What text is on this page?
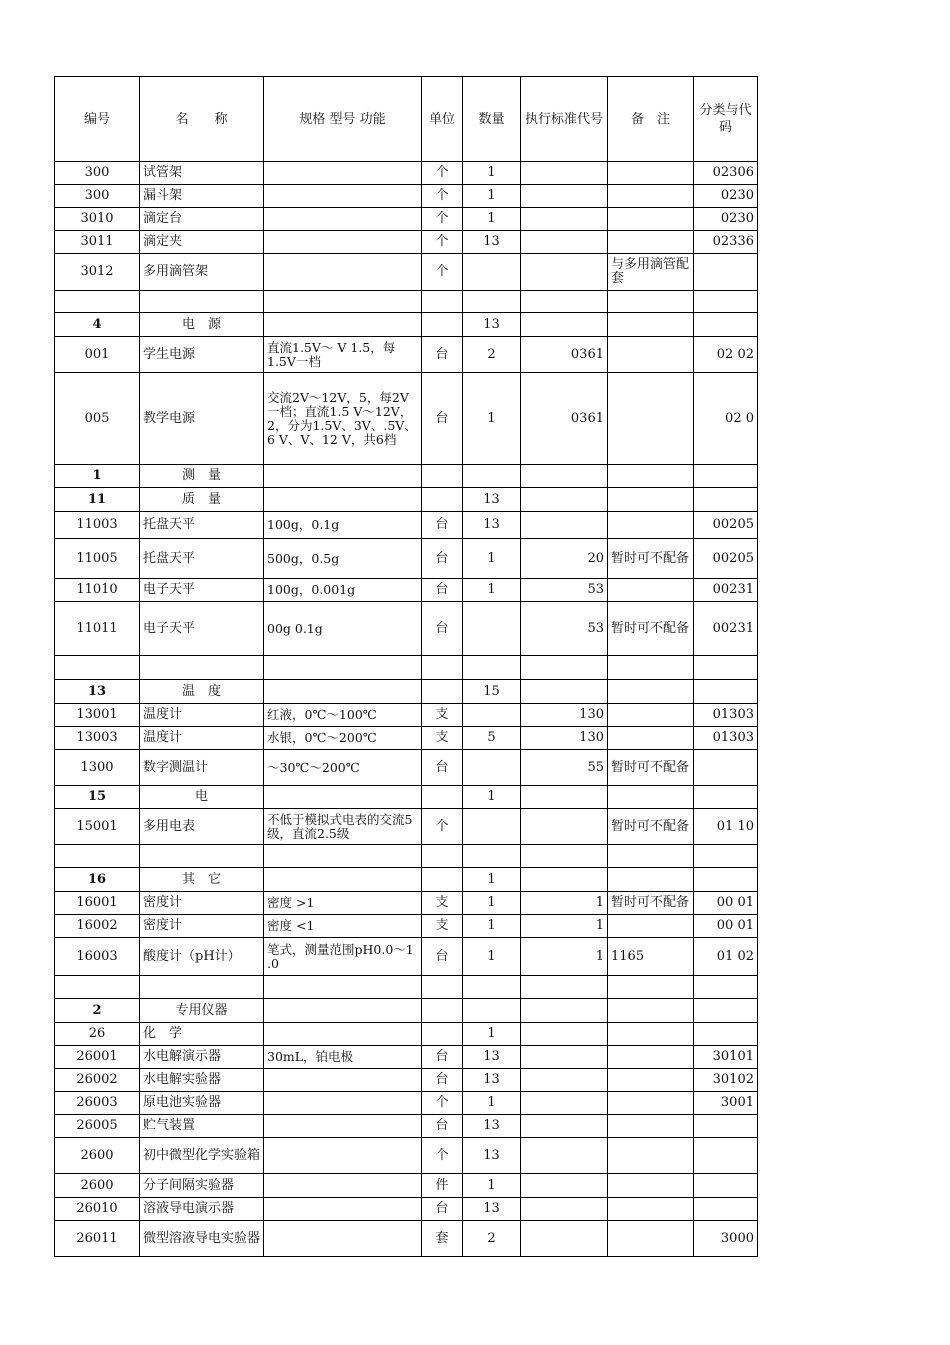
编号	名　　称	规格 型号 功能	单位	数量	执行标准代号	备　注	分类与代 码
300	试管架		个	1			02306
300	漏斗架		个	1			0230
3010	滴定台		个	1			0230
3011	滴定夹		个	13			02336
3012	多用滴管架		个			与多用滴管配套	

4	电　源			13			
001	学生电源	直流1.5V～ V 1.5，每1.5V一档	台	2	0361		02 02
005	教学电源	交流2V～12V，5，每2V一档；直流1.5 V～12V，2，分为1.5V、3V、.5V、6 V、V、12 V，共6档	台	1	0361		02 0
1	测　量						
11	质　量			13			
11003	托盘天平	100g，0.1g	台	13			00205
11005	托盘天平	500g，0.5g	台	1	20	暂时可不配备	00205
11010	电子天平	100g，0.001g	台	1	53		00231
11011	电子天平	00g 0.1g	台		53	暂时可不配备	00231

13	温　度			15			
13001	温度计	红液，0℃～100℃	支		130		01303
13003	温度计	水银，0℃～200℃	支	5	130		01303
1300	数字测温计	～30℃～200℃	台		55	暂时可不配备	
15	电			1			
15001	多用电表	不低于模拟式电表的交流5级，直流2.5级	个			暂时可不配备	01 10

16	其　它			1			
16001	密度计	密度 >1	支	1	1	暂时可不配备	00 01
16002	密度计	密度 <1	支	1	1		00 01
16003	酸度计（pH计）	笔式，测量范围pH0.0～1 .0	台	1	1	1165	01 02

2	专用仪器						
26	化　学			1			
26001	水电解演示器	30mL，铂电极	台	13			30101
26002	水电解实验器		台	13			30102
26003	原电池实验器		个	1			3001
26005	贮气装置		台	13			
2600	初中微型化学实验箱		个	13			
2600	分子间隔实验器		件	1			
26010	溶液导电演示器		台	13			
26011	微型溶液导电实验器		套	2			3000
